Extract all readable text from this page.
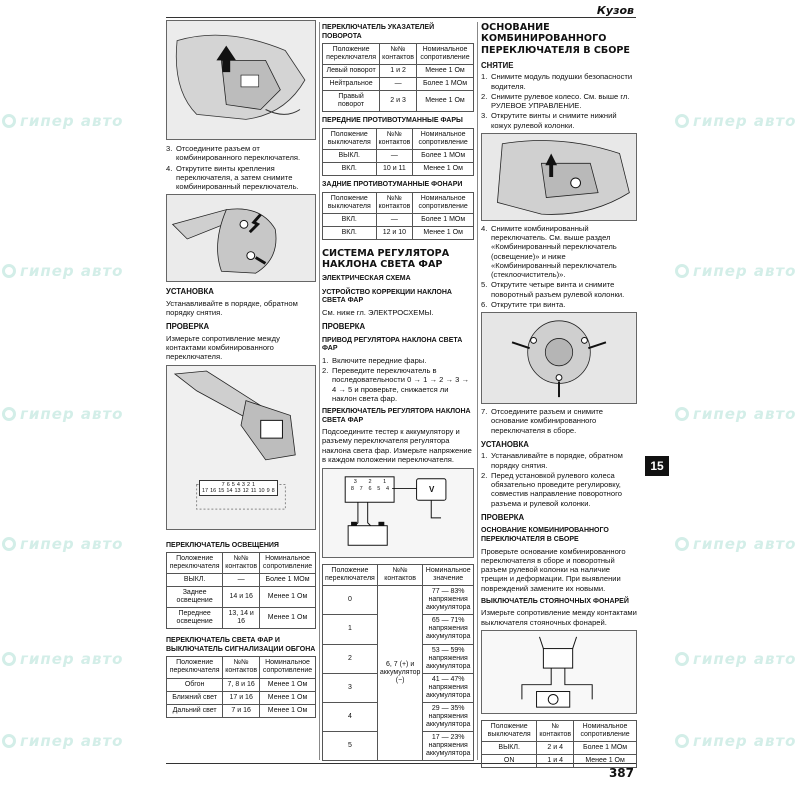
гипер авто
гипер авто
гипер авто
гипер авто
гипер авто
гипер авто
гипер авто
гипер авто
гипер авто
гипер авто
гипер авто
гипер авто
Кузов
15
387
3. Отсоедините разъем от комбинированного переключателя.
4. Открутите винты крепления переключателя, а затем снимите комбинированный переключатель.
УСТАНОВКА

Устанавливайте в порядке, обратном порядку снятия.

ПРОВЕРКА

Измерьте сопротивление между контактами комбинированного переключателя.

7 6 5 4 3 2 1
17 16 15 14 13 12 11 10 9 8
ПЕРЕКЛЮЧАТЕЛЬ ОСВЕЩЕНИЯ
Положение переключателя	№№ контактов	Номинальное сопротивление
ВЫКЛ.	—	Более 1 МОм
Заднее освещение	14 и 16	Менее 1 Ом
Переднее освещение	13, 14 и 16	Менее 1 Ом
ПЕРЕКЛЮЧАТЕЛЬ СВЕТА ФАР И ВЫКЛЮЧАТЕЛЬ СИГНАЛИЗАЦИИ ОБГОНА
Положение переключателя	№№ контактов	Номинальное сопротивление
Обгон	7, 8 и 16	Менее 1 Ом
Ближний свет	17 и 16	Менее 1 Ом
Дальний свет	7 и 16	Менее 1 Ом
ПЕРЕКЛЮЧАТЕЛЬ УКАЗАТЕЛЕЙ ПОВОРОТА
Положение переключателя	№№ контактов	Номинальное сопротивление
Левый поворот	1 и 2	Менее 1 Ом
Нейтральное	—	Более 1 МОм
Правый поворот	2 и 3	Менее 1 Ом
ПЕРЕДНИЕ ПРОТИВОТУМАННЫЕ ФАРЫ
Положение выключателя	№№ контактов	Номинальное сопротивление
ВЫКЛ.	—	Более 1 МОм
ВКЛ.	10 и 11	Менее 1 Ом
ЗАДНИЕ ПРОТИВОТУМАННЫЕ ФОНАРИ
Положение выключателя	№№ контактов	Номинальное сопротивление
ВКЛ.	—	Более 1 МОм
ВКЛ.	12 и 10	Менее 1 Ом
СИСТЕМА РЕГУЛЯТОРА НАКЛОНА СВЕТА ФАР
ЭЛЕКТРИЧЕСКАЯ СХЕМА
УСТРОЙСТВО КОРРЕКЦИИ НАКЛОНА СВЕТА ФАР

См. ниже гл. ЭЛЕКТРОСХЕМЫ.

ПРОВЕРКА
ПРИВОД РЕГУЛЯТОРА НАКЛОНА СВЕТА ФАР
1. Включите передние фары.
2. Переведите переключатель в последовательности 0 → 1 → 2 → 3 → 4 → 5 и проверьте, снижается ли наклон света фар.
ПЕРЕКЛЮЧАТЕЛЬ РЕГУЛЯТОРА НАКЛОНА СВЕТА ФАР

Подсоедините тестер к аккумулятору и разъему переключателя регулятора наклона света фар. Измерьте напряжение в каждом положении переключателя.

3 2 1
8 7 6 5 4	V
Положение переключателя	№№ контактов	Номинальное значение
0	6, 7 (+) и аккумулятор (−)	77 — 83% напряжения аккумулятора
1		65 — 71% напряжения аккумулятора
2		53 — 59% напряжения аккумулятора
3		41 — 47% напряжения аккумулятора
4		29 — 35% напряжения аккумулятора
5		17 — 23% напряжения аккумулятора
ОСНОВАНИЕ КОМБИНИРОВАННОГО ПЕРЕКЛЮЧАТЕЛЯ В СБОРЕ
СНЯТИЕ
1. Снимите модуль подушки безопасности водителя.
2. Снимите рулевое колесо. См. выше гл. РУЛЕВОЕ УПРАВЛЕНИЕ.
3. Открутите винты и снимите нижний кожух рулевой колонки.
4. Снимите комбинированный переключатель. См. выше раздел «Комбинированный переключатель (освещение)» и ниже «Комбинированный переключатель (стеклоочиститель)».
5. Открутите четыре винта и снимите поворотный разъем рулевой колонки.
6. Открутите три винта.
7. Отсоедините разъем и снимите основание комбинированного переключателя в сборе.
УСТАНОВКА
1. Устанавливайте в порядке, обратном порядку снятия.
2. Перед установкой рулевого колеса обязательно проведите регулировку, совместив направление поворотного разъема и рулевой колонки.
ПРОВЕРКА
ОСНОВАНИЕ КОМБИНИРОВАННОГО ПЕРЕКЛЮЧАТЕЛЯ В СБОРЕ

Проверьте основание комбинированного переключателя в сборе и поворотный разъем рулевой колонки на наличие трещин и деформации. При выявлении повреждений замените их новыми.

ВЫКЛЮЧАТЕЛЬ СТОЯНОЧНЫХ ФОНАРЕЙ

Измерьте сопротивление между контактами выключателя стояночных фонарей.

Положение выключателя	№ контактов	Номинальное сопротивление
ВЫКЛ.	2 и 4	Более 1 МОм
ON	1 и 4	Менее 1 Ом
